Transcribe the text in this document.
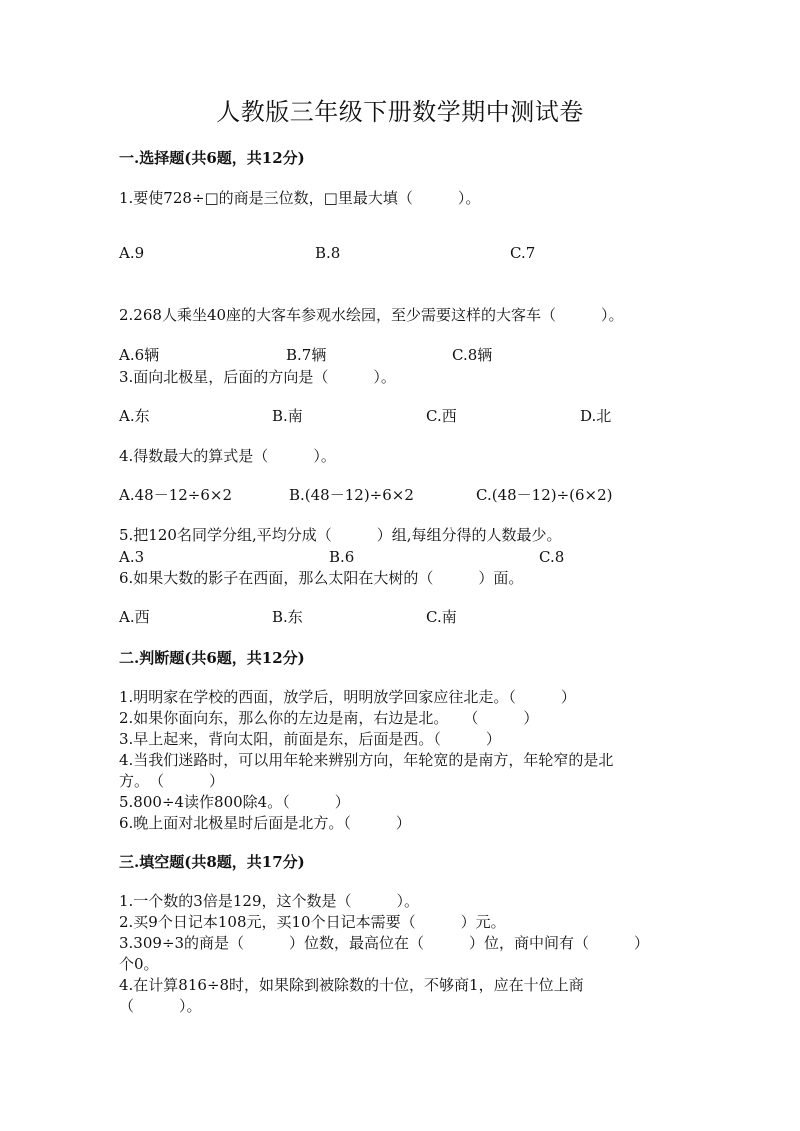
人教版三年级下册数学期中测试卷
一.选择题(共6题，共12分)
1.要使728÷□的商是三位数，□里最大填（　　　）。
A.9	B.8	C.7
2.268人乘坐40座的大客车参观水绘园，至少需要这样的大客车（　　　）。
A.6辆	B.7辆	C.8辆
3.面向北极星，后面的方向是（　　　）。
A.东	B.南	C.西	D.北
4.得数最大的算式是（　　　）。
A.48－12÷6×2	B.(48－12)÷6×2	C.(48－12)÷(6×2)
5.把120名同学分组,平均分成（　　　）组,每组分得的人数最少。
A.3	B.6	C.8
6.如果大数的影子在西面，那么太阳在大树的（　　　）面。
A.西	B.东	C.南
二.判断题(共6题，共12分)
1.明明家在学校的西面，放学后，明明放学回家应往北走。（　　　）
2.如果你面向东，那么你的左边是南，右边是北。　　（　　　）
3.早上起来，背向太阳，前面是东，后面是西。（　　　）
4.当我们迷路时，可以用年轮来辨别方向，年轮宽的是南方，年轮窄的是北
方。　（　　　）
5.800÷4读作800除4。（　　　）
6.晚上面对北极星时后面是北方。（　　　）
三.填空题(共8题，共17分)
1.一个数的3倍是129，这个数是（　　　）。
2.买9个日记本108元，买10个日记本需要（　　　）元。
3.309÷3的商是（　　　）位数，最高位在（　　　）位，商中间有（　　　）
个0。
4.在计算816÷8时，如果除到被除数的十位，不够商1，应在十位上商
（　　　）。
